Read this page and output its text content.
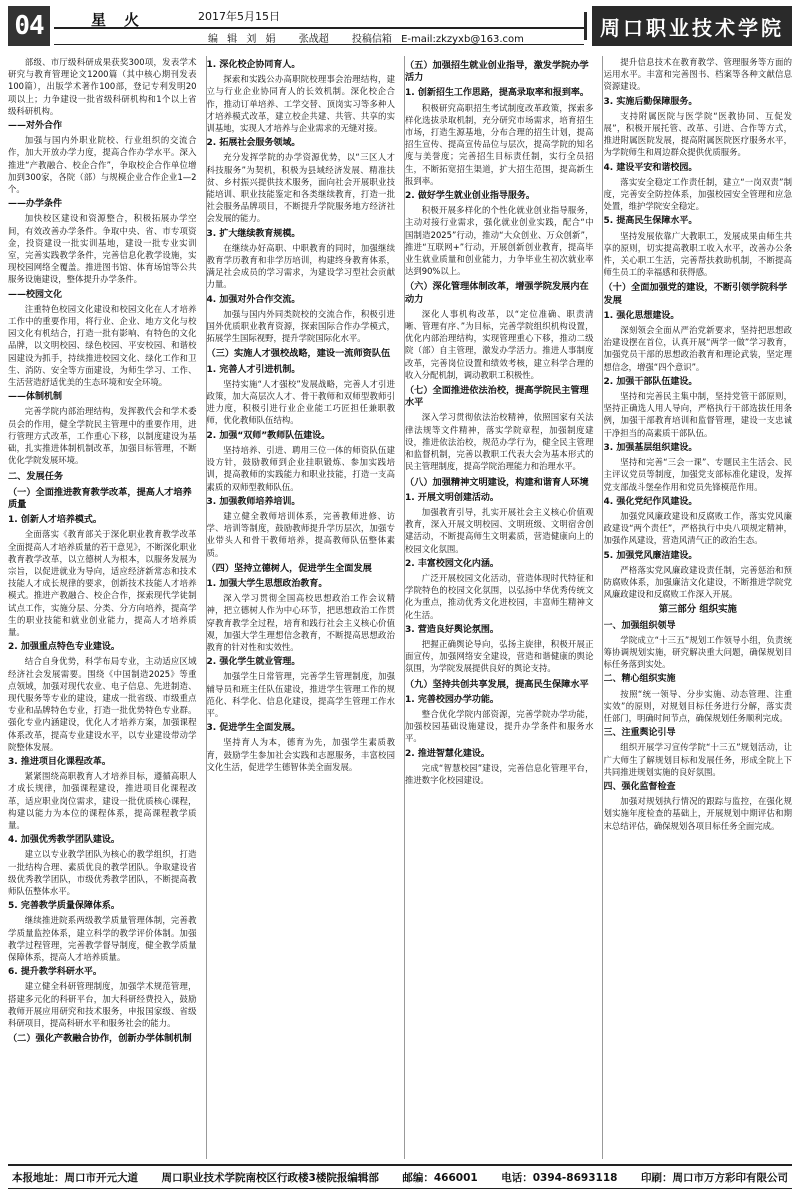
04	星火	2017年5月15日
编 辑 刘 娟 张战超 投稿信箱 E-mail:zkzyxb@163.com	周口职业技术学院

部级、市厅级科研成果获奖300项，发表学术研究与教育管理论文1200篇（其中核心期刊发表100篇），出版学术著作100部，登记专利发明20项以上；力争建设一批省级科研机构和1个以上省级科研机构。

——对外合作

加强与国内外职业院校、行业组织的交流合作，加大开放办学力度，提高合作办学水平。深入推进“产教融合、校企合作”，争取校企合作单位增加到300家，各院（部）与规模企业合作企业1—2个。

——办学条件

加快校区建设和资源整合，积极拓展办学空间，有效改善办学条件。争取中央、省、市专项资金，投资建设一批实训基地，建设一批专业实训室，完善实践教学条件，完善信息化教学设施，实现校园网络全覆盖。推进图书馆、体育场馆等公共服务设施建设，整体提升办学条件。

——校园文化

注重特色校园文化建设和校园文化在人才培养工作中的重要作用，将行业、企业、地方文化与校园文化有机结合，打造一批有影响、有特色的文化品牌，以文明校园、绿色校园、平安校园、和谐校园建设为抓手，持续推进校园文化、绿化工作和卫生、消防、安全等方面建设，为师生学习、工作、生活营造舒适优美的生态环境和安全环境。

——体制机制

完善学院内部治理结构，发挥教代会和学术委员会的作用，健全学院民主管理中的重要作用，进行管理方式改革，工作重心下移，以制度建设为基础，扎实推进体制机制改革，加强目标管理，不断优化学院发展环境。

二、发展任务
（一）全面推进教育教学改革，提高人才培养质量
1. 创新人才培养模式。

全面落实《教育部关于深化职业教育教学改革全面提高人才培养质量的若干意见》，不断深化职业教育教学改革，以立德树人为根本，以服务发展为宗旨，以促进就业为导向，适应经济新常态和技术技能人才成长规律的要求，创新技术技能人才培养模式。推进产教融合、校企合作，探索现代学徒制试点工作，实施分层、分类、分方向培养，提高学生的职业技能和就业创业能力，提高人才培养质量。

2. 加强重点特色专业建设。

结合自身优势，科学布局专业，主动适应区域经济社会发展需要。围绕《中国制造2025》等重点领域，加强对现代农业、电子信息、先进制造、现代服务等专业的建设，建成一批省级、市级重点专业和品牌特色专业，打造一批优势特色专业群。强化专业内涵建设，优化人才培养方案，加强课程体系改革，提高专业建设水平，以专业建设带动学院整体发展。

3. 推进项目化课程改革。

紧紧围绕高职教育人才培养目标，遵循高职人才成长规律，加强课程建设，推进项目化课程改革，适应职业岗位需求，建设一批优质核心课程，构建以能力为本位的课程体系，提高课程教学质量。

4. 加强优秀教学团队建设。

建立以专业教学团队为核心的教学组织，打造一批结构合理、素质优良的教学团队。争取建设省级优秀教学团队，市级优秀教学团队，不断提高教师队伍整体水平。

5. 完善教学质量保障体系。

继续推进院系两级教学质量管理体制，完善教学质量监控体系，建立科学的教学评价体制。加强教学过程管理，完善教学督导制度，健全教学质量保障体系，提高人才培养质量。

6. 提升教学科研水平。

建立健全科研管理制度，加强学术规范管理，搭建多元化的科研平台，加大科研经费投入，鼓励教师开展应用研究和技术服务，申报国家级、省级科研项目，提高科研水平和服务社会的能力。

（二）强化产教融合协作，创新办学体制机制
1. 深化校企协同育人。

探索和实践公办高职院校理事会治理结构，建立与行业企业协同育人的长效机制。深化校企合作，推动订单培养、工学交替、顶岗实习等多种人才培养模式改革，建立校企共建、共管、共享的实训基地，实现人才培养与企业需求的无缝对接。

2. 拓展社会服务领域。

充分发挥学院的办学资源优势，以“三区人才科技服务”为契机，积极为县域经济发展、精准扶贫、乡村振兴提供技术服务，面向社会开展职业技能培训、职业技能鉴定和各类继续教育，打造一批社会服务品牌项目，不断提升学院服务地方经济社会发展的能力。

3. 扩大继续教育规模。

在继续办好高职、中职教育的同时，加强继续教育学历教育和非学历培训，构建终身教育体系，满足社会成员的学习需求，为建设学习型社会贡献力量。

4. 加强对外合作交流。

加强与国内外同类院校的交流合作，积极引进国外优质职业教育资源，探索国际合作办学模式，拓展学生国际视野，提升学院国际化水平。

（三）实施人才强校战略，建设一流师资队伍
1. 完善人才引进机制。

坚持实施“人才强校”发展战略，完善人才引进政策，加大高层次人才、骨干教师和双师型教师引进力度，积极引进行业企业能工巧匠担任兼职教师，优化教师队伍结构。

2. 加强“双师”教师队伍建设。

坚持培养、引进、聘用三位一体的师资队伍建设方针，鼓励教师到企业挂职锻炼、参加实践培训，提高教师的实践能力和职业技能，打造一支高素质的双师型教师队伍。

3. 加强教师培养培训。

建立健全教师培训体系，完善教师进修、访学、培训等制度，鼓励教师提升学历层次，加强专业带头人和骨干教师培养，提高教师队伍整体素质。

（四）坚持立德树人，促进学生全面发展
1. 加强大学生思想政治教育。

深入学习贯彻全国高校思想政治工作会议精神，把立德树人作为中心环节，把思想政治工作贯穿教育教学全过程，培育和践行社会主义核心价值观，加强大学生理想信念教育，不断提高思想政治教育的针对性和实效性。

2. 强化学生就业管理。

加强学生日常管理，完善学生管理制度，加强辅导员和班主任队伍建设，推进学生管理工作的规范化、科学化、信息化建设，提高学生管理工作水平。

3. 促进学生全面发展。

坚持育人为本，德育为先，加强学生素质教育，鼓励学生参加社会实践和志愿服务，丰富校园文化生活，促进学生德智体美全面发展。

（五）加强招生就业创业指导，激发学院办学活力
1. 创新招生工作思路，提高录取率和报到率。

积极研究高职招生考试制度改革政策，探索多样化选拔录取机制，充分研究市场需求，培育招生市场，打造生源基地，分布合理的招生计划，提高招生宣传、提高宣传品位与层次，提高学院的知名度与美誉度；完善招生目标责任制，实行全员招生，不断拓宽招生渠道，扩大招生范围，提高新生报到率。

2. 做好学生就业创业指导服务。

积极开展多样化的个性化就业创业指导服务，主动对接行业需求，强化就业创业实践，配合“中国制造2025”行动，推动“大众创业、万众创新”，推进“互联网+”行动，开展创新创业教育，提高毕业生就业质量和创业能力，力争毕业生初次就业率达到90%以上。

（六）深化管理体制改革，增强学院发展内在动力

深化人事机构改革，以“定位准确、职责清晰、管理有序、”为目标，完善学院组织机构设置，优化内部治理结构，实现管理重心下移，推动二级院（部）自主管理，激发办学活力。推进人事制度改革，完善岗位设置和绩效考核，建立科学合理的收入分配机制，调动教职工积极性。

（七）全面推进依法治校，提高学院民主管理水平

深入学习贯彻依法治校精神，依照国家有关法律法规等文件精神，落实学院章程，加强制度建设，推进依法治校，规范办学行为，健全民主管理和监督机制，完善以教职工代表大会为基本形式的民主管理制度，提高学院治理能力和治理水平。

（八）加强精神文明建设，构建和谐育人环境
1. 开展文明创建活动。

加强教育引导，扎实开展社会主义核心价值观教育，深入开展文明校园、文明班级、文明宿舍创建活动，不断提高师生文明素质，营造健康向上的校园文化氛围。

2. 丰富校园文化内涵。

广泛开展校园文化活动，营造体现时代特征和学院特色的校园文化氛围，以弘扬中华优秀传统文化为重点，推动优秀文化进校园，丰富师生精神文化生活。

3. 营造良好舆论氛围。

把握正确舆论导向，弘扬主旋律，积极开展正面宣传，加强网络安全建设，营造和谐健康的舆论氛围，为学院发展提供良好的舆论支持。

（九）坚持共创共享发展，提高民生保障水平
1. 完善校园办学功能。

整合优化学院内部资源，完善学院办学功能，加强校园基础设施建设，提升办学条件和服务水平。

2. 推进智慧化建设。

完成“智慧校园”建设，完善信息化管理平台，推进数字化校园建设。

提升信息技术在教育教学、管理服务等方面的运用水平。丰富和完善图书、档案等各种文献信息资源建设。

3. 实施后勤保障服务。

支持附属医院与医学院“医教协同、互促发展”，积极开展托管、改革、引进、合作等方式，推进附属医院发展，提高附属医院医疗服务水平，为学院师生和周边群众提供优质服务。

4. 建设平安和谐校园。

落实安全稳定工作责任制，建立“一岗双责”制度，完善安全防控体系，加强校园安全管理和应急处置，维护学院安全稳定。

5. 提高民生保障水平。

坚持发展依靠广大教职工，发展成果由师生共享的原则，切实提高教职工收入水平，改善办公条件，关心职工生活，完善帮扶救助机制，不断提高师生员工的幸福感和获得感。

（十）全面加强党的建设，不断引领学院科学发展
1. 强化思想建设。

深刻领会全面从严治党新要求，坚持把思想政治建设摆在首位，认真开展“两学一做”学习教育，加强党员干部的思想政治教育和理论武装，坚定理想信念，增强“四个意识”。

2. 加强干部队伍建设。

坚持和完善民主集中制，坚持党管干部原则，坚持正确选人用人导向，严格执行干部选拔任用条例，加强干部教育培训和监督管理，建设一支忠诚干净担当的高素质干部队伍。

3. 加强基层组织建设。

坚持和完善“三会一课”、专题民主生活会、民主评议党员等制度，加强党支部标准化建设，发挥党支部战斗堡垒作用和党员先锋模范作用。

4. 强化党纪作风建设。

加强党风廉政建设和反腐败工作，落实党风廉政建设“两个责任”，严格执行中央八项规定精神，加强作风建设，营造风清气正的政治生态。

5. 加强党风廉洁建设。

严格落实党风廉政建设责任制，完善惩治和预防腐败体系，加强廉洁文化建设，不断推进学院党风廉政建设和反腐败工作深入开展。

第三部分 组织实施
一、加强组织领导

学院成立“十三五”规划工作领导小组，负责统筹协调规划实施，研究解决重大问题，确保规划目标任务落到实处。

二、精心组织实施

按照“统一领导、分步实施、动态管理、注重实效”的原则，对规划目标任务进行分解，落实责任部门，明确时间节点，确保规划任务顺利完成。

三、注重舆论引导

组织开展学习宣传学院“十三五”规划活动，让广大师生了解规划目标和发展任务，形成全院上下共同推进规划实施的良好氛围。

四、强化监督检查

加强对规划执行情况的跟踪与监控，在强化规划实施年度检查的基础上，开展规划中期评估和期末总结评估，确保规划各项目标任务全面完成。

本报地址：周口市开元大道	周口职业技术学院南校区行政楼3楼院报编辑部	邮编：466001	电话：0394-8693118	印刷：周口市万方彩印有限公司
